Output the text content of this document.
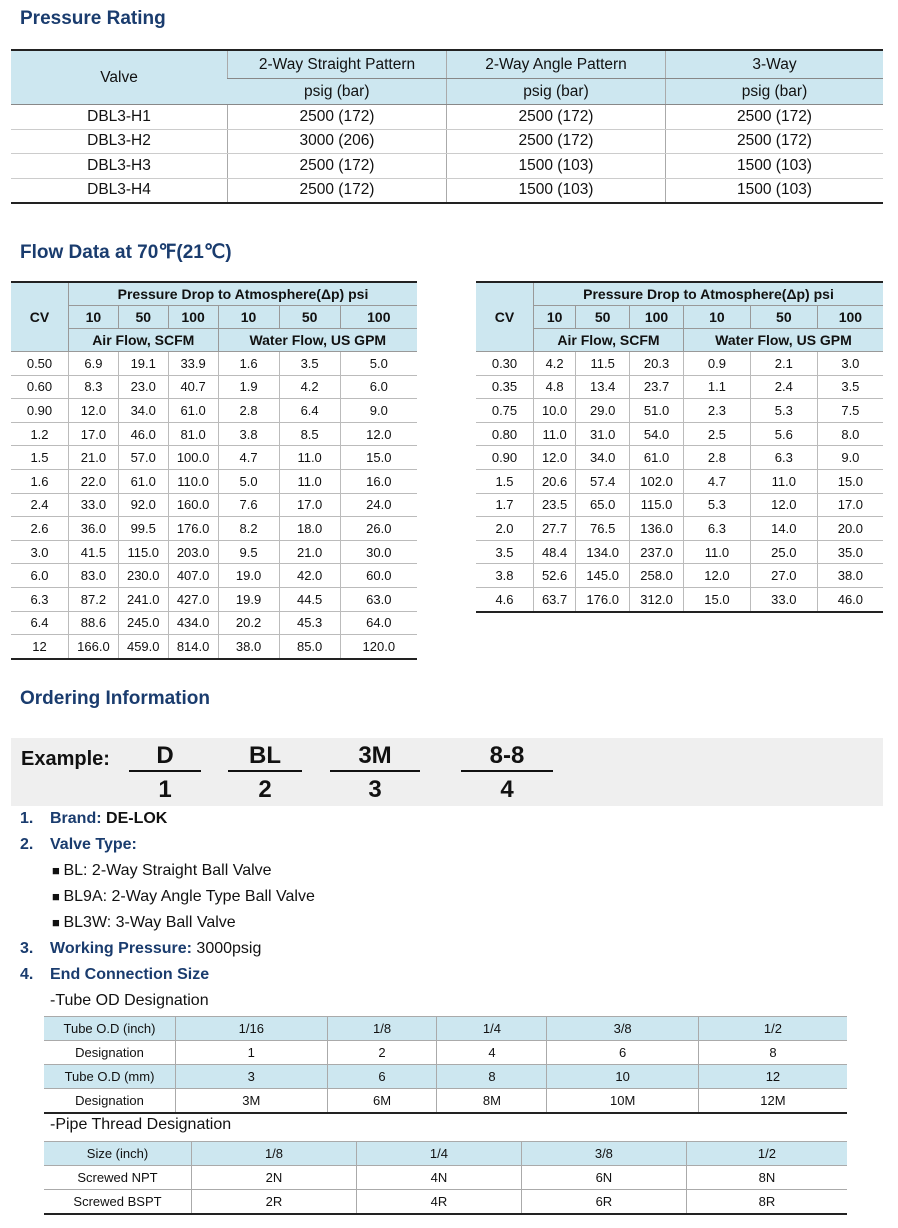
Pressure Rating
Valve	2-Way Straight Pattern	2-Way Angle Pattern	3-Way
	psig (bar)	psig (bar)	psig (bar)
DBL3-H1	2500 (172)	2500 (172)	2500 (172)
DBL3-H2	3000 (206)	2500 (172)	2500 (172)
DBL3-H3	2500 (172)	1500 (103)	1500 (103)
DBL3-H4	2500 (172)	1500 (103)	1500 (103)
Flow Data at 70℉(21℃)
CV	Pressure Drop to Atmosphere(Δp) psi					
	10	50	100	10	50	100
	Air Flow, SCFM			Water Flow, US GPM		
0.50	6.9	19.1	33.9	1.6	3.5	5.0
0.60	8.3	23.0	40.7	1.9	4.2	6.0
0.90	12.0	34.0	61.0	2.8	6.4	9.0
1.2	17.0	46.0	81.0	3.8	8.5	12.0
1.5	21.0	57.0	100.0	4.7	11.0	15.0
1.6	22.0	61.0	110.0	5.0	11.0	16.0
2.4	33.0	92.0	160.0	7.6	17.0	24.0
2.6	36.0	99.5	176.0	8.2	18.0	26.0
3.0	41.5	115.0	203.0	9.5	21.0	30.0
6.0	83.0	230.0	407.0	19.0	42.0	60.0
6.3	87.2	241.0	427.0	19.9	44.5	63.0
6.4	88.6	245.0	434.0	20.2	45.3	64.0
12	166.0	459.0	814.0	38.0	85.0	120.0
CV	Pressure Drop to Atmosphere(Δp) psi					
	10	50	100	10	50	100
	Air Flow, SCFM			Water Flow, US GPM		
0.30	4.2	11.5	20.3	0.9	2.1	3.0
0.35	4.8	13.4	23.7	1.1	2.4	3.5
0.75	10.0	29.0	51.0	2.3	5.3	7.5
0.80	11.0	31.0	54.0	2.5	5.6	8.0
0.90	12.0	34.0	61.0	2.8	6.3	9.0
1.5	20.6	57.4	102.0	4.7	11.0	15.0
1.7	23.5	65.0	115.0	5.3	12.0	17.0
2.0	27.7	76.5	136.0	6.3	14.0	20.0
3.5	48.4	134.0	237.0	11.0	25.0	35.0
3.8	52.6	145.0	258.0	12.0	27.0	38.0
4.6	63.7	176.0	312.0	15.0	33.0	46.0
Ordering Information
Example:	D	BL	3M	8-8
1	2	3	4
1. Brand: DE-LOK
2. Valve Type:
■ BL: 2-Way Straight Ball Valve
■ BL9A: 2-Way Angle Type Ball Valve
■ BL3W: 3-Way Ball Valve
3. Working Pressure: 3000psig
4. End Connection Size
-Tube OD Designation
Tube O.D (inch)	1/16	1/8	1/4	3/8	1/2
Designation	1	2	4	6	8
Tube O.D (mm)	3	6	8	10	12
Designation	3M	6M	8M	10M	12M
-Pipe Thread Designation
Size (inch)	1/8	1/4	3/8	1/2
Screwed NPT	2N	4N	6N	8N
Screwed BSPT	2R	4R	6R	8R
